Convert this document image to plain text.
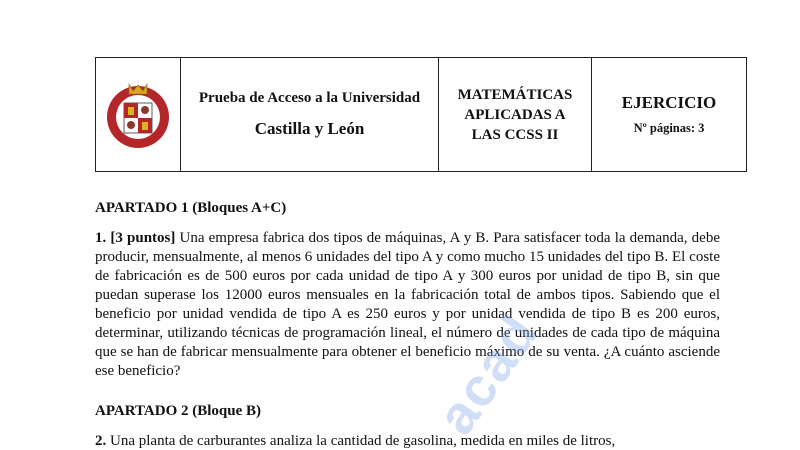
Prueba de Acceso a la Universidad
Castilla y León
MATEMÁTICAS
APLICADAS A
LAS CCSS II
EJERCICIO
Nº páginas: 3
APARTADO 1 (Bloques A+C)

1. [3 puntos] Una empresa fabrica dos tipos de máquinas, A y B. Para satisfacer toda la demanda, debe producir, mensualmente, al menos 6 unidades del tipo A y como mucho 15 unidades del tipo B. El coste de fabricación es de 500 euros por cada unidad de tipo A y 300 euros por unidad de tipo B, sin que puedan superase los 12000 euros mensuales en la fabricación total de ambos tipos. Sabiendo que el beneficio por unidad vendida de tipo A es 250 euros y por unidad vendida de tipo B es 200 euros, determinar, utilizando técnicas de programación lineal, el número de unidades de cada tipo de máquina que se han de fabricar mensualmente para obtener el beneficio máximo de su venta. ¿A cuánto asciende ese beneficio?

APARTADO 2 (Bloque B)

2. Una planta de carburantes analiza la cantidad de gasolina, medida en miles de litros,

acad
